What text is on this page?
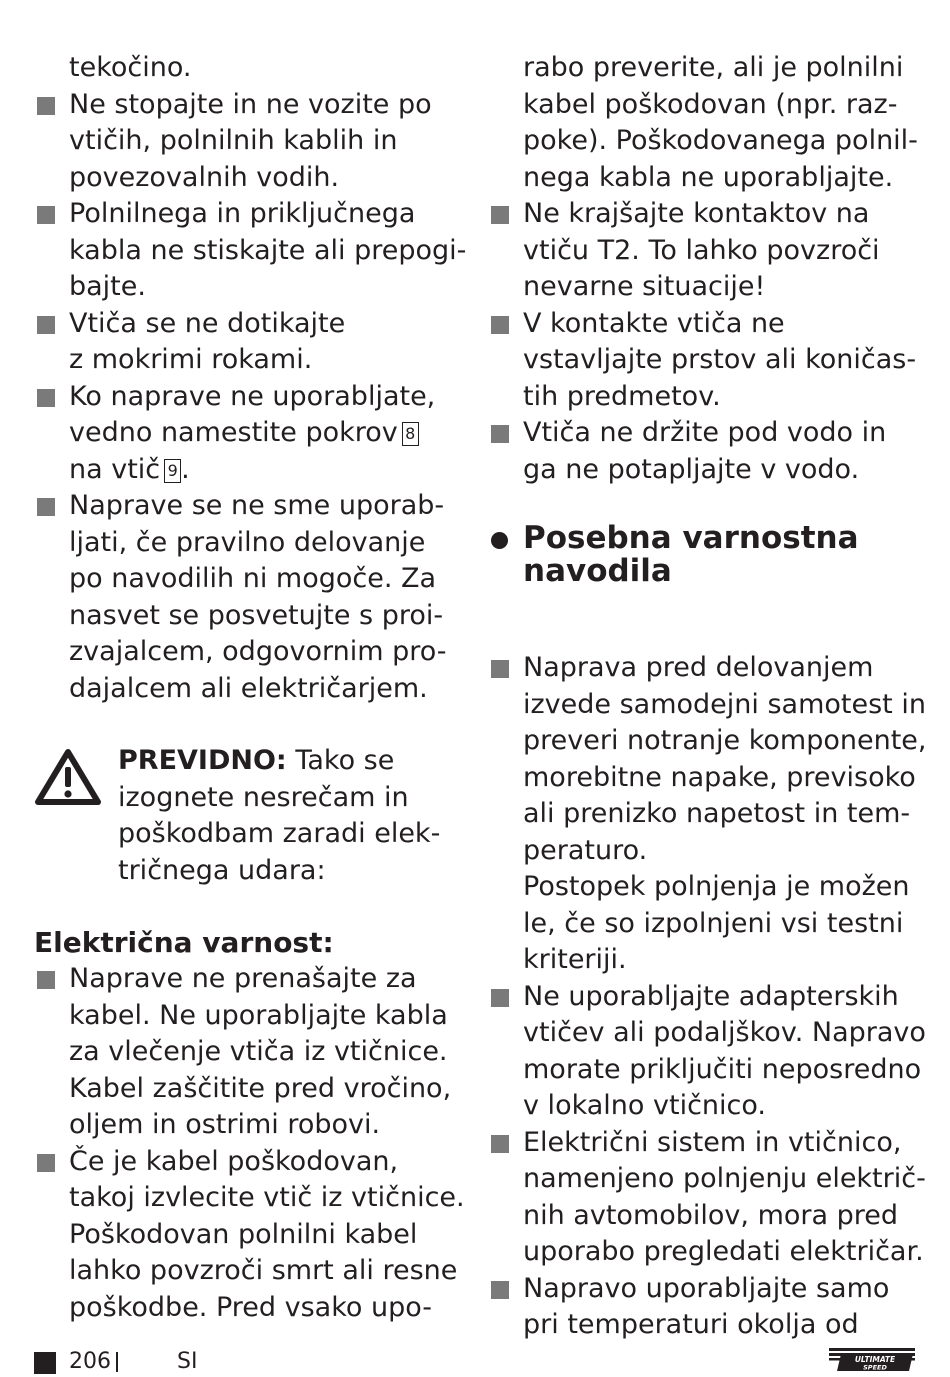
tekočino.
Ne stopajte in ne vozite po
vtičih, polnilnih kablih in
povezovalnih vodih.
Polnilnega in priključnega
kabla ne stiskajte ali prepogi-
bajte.
Vtiča se ne dotikajte
z mokrimi rokami.
Ko naprave ne uporabljate,
vedno namestite pokrov 8
na vtič 9 .
Naprave se ne sme uporab-
ljati, če pravilno delovanje
po navodilih ni mogoče. Za
nasvet se posvetujte s proi-
zvajalcem, odgovornim pro-
dajalcem ali električarjem.
PREVIDNO: Tako se
izognete nesrečam in
poškodbam zaradi elek-
tričnega udara:
Električna varnost:
Naprave ne prenašajte za
kabel. Ne uporabljajte kabla
za vlečenje vtiča iz vtičnice.
Kabel zaščitite pred vročino,
oljem in ostrimi robovi.
Če je kabel poškodovan,
takoj izvlecite vtič iz vtičnice.
Poškodovan polnilni kabel
lahko povzroči smrt ali resne
poškodbe. Pred vsako upo-
rabo preverite, ali je polnilni
kabel poškodovan (npr. raz-
poke). Poškodovanega polnil-
nega kabla ne uporabljajte.
Ne krajšajte kontaktov na
vtiču T2. To lahko povzroči
nevarne situacije!
V kontakte vtiča ne
vstavljajte prstov ali koničas-
tih predmetov.
Vtiča ne držite pod vodo in
ga ne potapljajte v vodo.
Posebna varnostna
navodila
Naprava pred delovanjem
izvede samodejni samotest in
preveri notranje komponente,
morebitne napake, previsoko
ali prenizko napetost in tem-
peraturo.
Postopek polnjenja je možen
le, če so izpolnjeni vsi testni
kriteriji.
Ne uporabljajte adapterskih
vtičev ali podaljškov. Napravo
morate priključiti neposredno
v lokalno vtičnico.
Električni sistem in vtičnico,
namenjeno polnjenju električ-
nih avtomobilov, mora pred
uporabo pregledati električar.
Napravo uporabljajte samo
pri temperaturi okolja od
206	SI	ULTIMATE
SPEED
